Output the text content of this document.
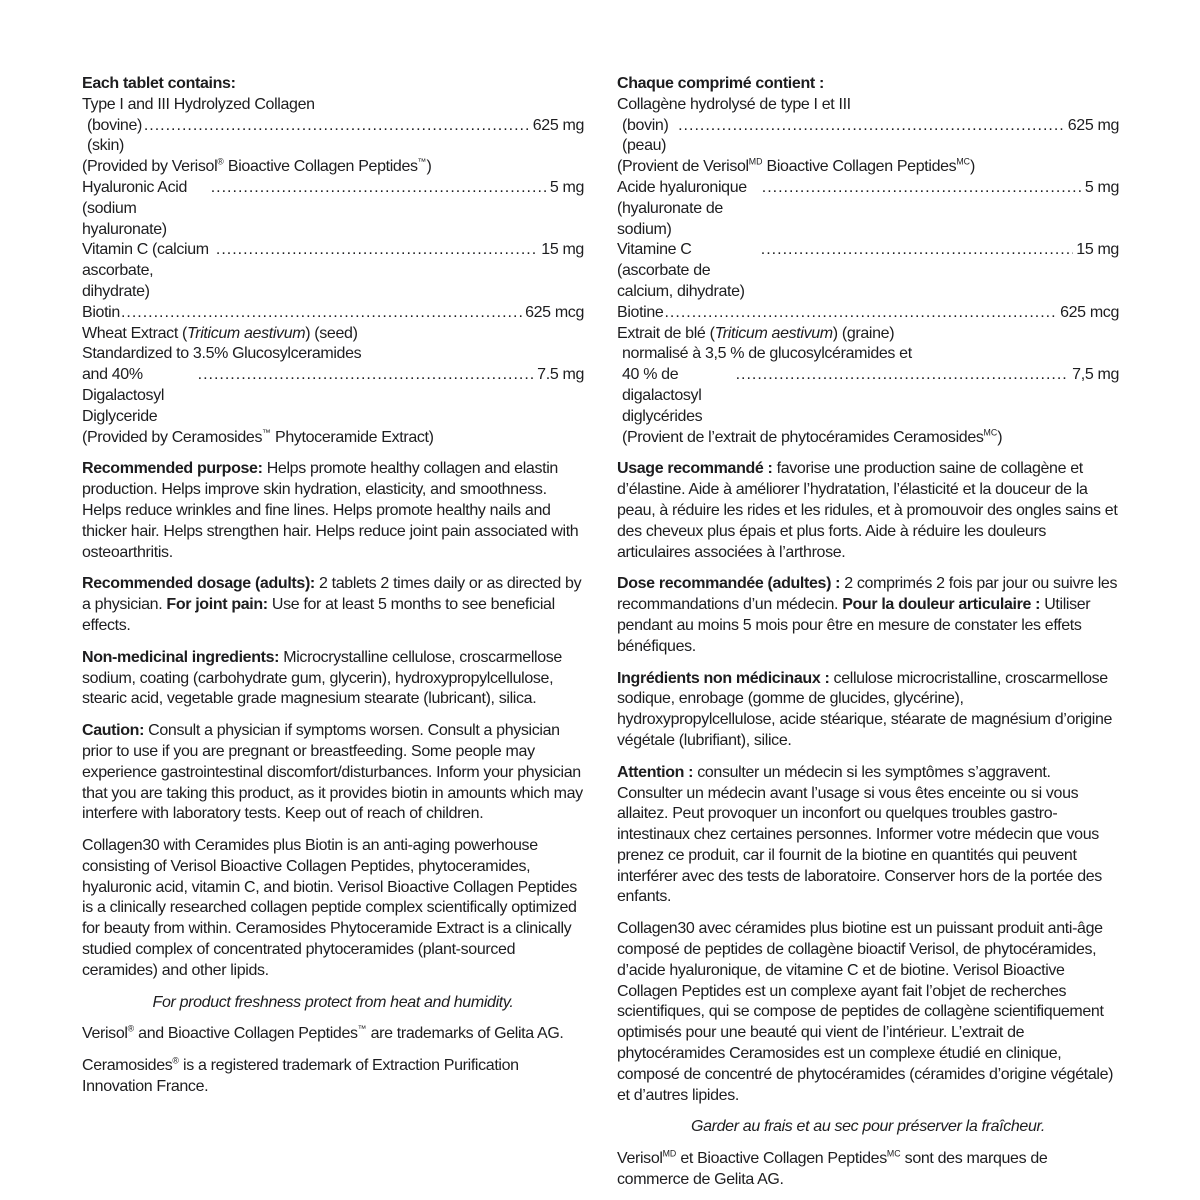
Each tablet contains:
Type I and III Hydrolyzed Collagen
(bovine) (skin)
.....
625 mg
(Provided by Verisol® Bioactive Collagen Peptides™)
Hyaluronic Acid (sodium hyaluronate)
.....
5 mg
Vitamin C (calcium ascorbate, dihydrate)
.....
15 mg
Biotin .....	625 mcg
Wheat Extract (Triticum aestivum) (seed)
Standardized to 3.5% Glucosylceramides
and 40% Digalactosyl Diglyceride
.....
7.5 mg
(Provided by Ceramosides™ Phytoceramide Extract)

Recommended purpose: Helps promote healthy collagen and elastin production. Helps improve skin hydration, elasticity, and smoothness. Helps reduce wrinkles and fine lines. Helps promote healthy nails and thicker hair. Helps strengthen hair. Helps reduce joint pain associated with osteoarthritis.

Recommended dosage (adults): 2 tablets 2 times daily or as directed by a physician. For joint pain: Use for at least 5 months to see beneficial effects.

Non-medicinal ingredients: Microcrystalline cellulose, croscarmellose sodium, coating (carbohydrate gum, glycerin), hydroxypropylcellulose, stearic acid, vegetable grade magnesium stearate (lubricant), silica.

Caution: Consult a physician if symptoms worsen. Consult a physician prior to use if you are pregnant or breastfeeding. Some people may experience gastrointestinal discomfort/disturbances. Inform your physician that you are taking this product, as it provides biotin in amounts which may interfere with laboratory tests. Keep out of reach of children.

Collagen30 with Ceramides plus Biotin is an anti-aging powerhouse consisting of Verisol Bioactive Collagen Peptides, phytoceramides, hyaluronic acid, vitamin C, and biotin. Verisol Bioactive Collagen Peptides is a clinically researched collagen peptide complex scientifically optimized for beauty from within. Ceramosides Phytoceramide Extract is a clinically studied complex of concentrated phytoceramides (plant-sourced ceramides) and other lipids.

For product freshness protect from heat and humidity.

Verisol® and Bioactive Collagen Peptides™ are trademarks of Gelita AG.

Ceramosides® is a registered trademark of Extraction Purification Innovation France.

Chaque comprimé contient :
Collagène hydrolysé de type I et III
(bovin) (peau)
.....
625 mg
(Provient de Verisol$^{MD}$ Bioactive Collagen Peptides$^{MC}$)
Acide hyaluronique (hyaluronate de sodium)
.....
5 mg
Vitamine C (ascorbate de calcium, dihydrate)
.....
15 mg
Biotine .....	625 mcg
Extrait de blé (Triticum aestivum) (graine)
normalisé à 3,5 % de glucosylcéramides et
40 % de digalactosyl diglycérides
.....
7,5 mg
(Provient de l’extrait de phytocéramides Ceramosides$^{MC}$)

Usage recommandé : favorise une production saine de collagène et d’élastine. Aide à améliorer l’hydratation, l’élasticité et la douceur de la peau, à réduire les rides et les ridules, et à promouvoir des ongles sains et des cheveux plus épais et plus forts. Aide à réduire les douleurs articulaires associées à l’arthrose.

Dose recommandée (adultes) : 2 comprimés 2 fois par jour ou suivre les recommandations d’un médecin. Pour la douleur articulaire : Utiliser pendant au moins 5 mois pour être en mesure de constater les effets bénéfiques.

Ingrédients non médicinaux : cellulose microcristalline, croscarmellose sodique, enrobage (gomme de glucides, glycérine), hydroxypropylcellulose, acide stéarique, stéarate de magnésium d’origine végétale (lubrifiant), silice.

Attention : consulter un médecin si les symptômes s’aggravent. Consulter un médecin avant l’usage si vous êtes enceinte ou si vous allaitez. Peut provoquer un inconfort ou quelques troubles gastro-intestinaux chez certaines personnes. Informer votre médecin que vous prenez ce produit, car il fournit de la biotine en quantités qui peuvent interférer avec des tests de laboratoire. Conserver hors de la portée des enfants.

Collagen30 avec céramides plus biotine est un puissant produit anti-âge composé de peptides de collagène bioactif Verisol, de phytocéramides, d’acide hyaluronique, de vitamine C et de biotine. Verisol Bioactive Collagen Peptides est un complexe ayant fait l’objet de recherches scientifiques, qui se compose de peptides de collagène scientifiquement optimisés pour une beauté qui vient de l’intérieur. L’extrait de phytocéramides Ceramosides est un complexe étudié en clinique, composé de concentré de phytocéramides (céramides d’origine végétale) et d’autres lipides.

Garder au frais et au sec pour préserver la fraîcheur.

Verisol$^{MD}$ et Bioactive Collagen Peptides$^{MC}$ sont des marques de commerce de Gelita AG.
